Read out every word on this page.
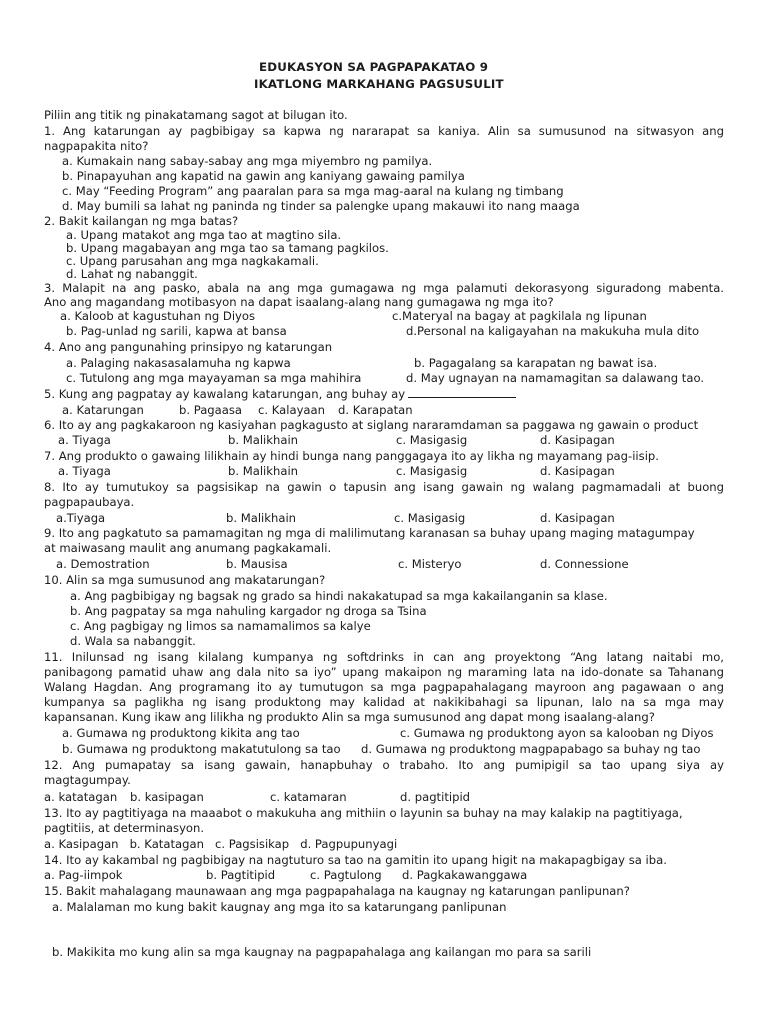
EDUKASYON SA PAGPAPAKATAO 9
IKATLONG MARKAHANG PAGSUSULIT
Piliin ang titik ng pinakatamang sagot at bilugan ito.
1. Ang katarungan ay pagbibigay sa kapwa ng nararapat sa kaniya. Alin sa sumusunod na sitwasyon ang
nagpapakita nito?
a. Kumakain nang sabay-sabay ang mga miyembro ng pamilya.
b. Pinapayuhan ang kapatid na gawin ang kaniyang gawaing pamilya
c. May “Feeding Program” ang paaralan para sa mga mag-aaral na kulang ng timbang
d. May bumili sa lahat ng paninda ng tinder sa palengke upang makauwi ito nang maaga
2. Bakit kailangan ng mga batas?
a. Upang matakot ang mga tao at magtino sila.
b. Upang magabayan ang mga tao sa tamang pagkilos.
c. Upang parusahan ang mga nagkakamali.
d. Lahat ng nabanggit.
3. Malapit na ang pasko, abala na ang mga gumagawa ng mga palamuti dekorasyong siguradong mabenta.
Ano ang magandang motibasyon na dapat isaalang-alang nang gumagawa ng mga ito?
a. Kaloob at kagustuhan ng Diyos	c.Materyal na bagay at pagkilala ng lipunan
b. Pag-unlad ng sarili, kapwa at bansa	d.Personal na kaligayahan na makukuha mula dito
4. Ano ang pangunahing prinsipyo ng katarungan
a. Palaging nakasasalamuha ng kapwa	b. Pagagalang sa karapatan ng bawat isa.
c. Tutulong ang mga mayayaman sa mga mahihira	d. May ugnayan na namamagitan sa dalawang tao.
5. Kung ang pagpatay ay kawalang katarungan, ang buhay ay
a. Katarungan	b. Pagaasa c. Kalayaan d. Karapatan
6. Ito ay ang pagkakaroon ng kasiyahan pagkagusto at siglang nararamdaman sa paggawa ng gawain o product
a. Tiyaga	b. Malikhain	c. Masigasig	d. Kasipagan
7. Ang produkto o gawaing lilikhain ay hindi bunga nang panggagaya ito ay likha ng mayamang pag-iisip.
a. Tiyaga	b. Malikhain	c. Masigasig	d. Kasipagan
8. Ito ay tumutukoy sa pagsisikap na gawin o tapusin ang isang gawain ng walang pagmamadali at buong
pagpapaubaya.
a.Tiyaga	b. Malikhain	c. Masigasig	d. Kasipagan
9. Ito ang pagkatuto sa pamamagitan ng mga di malilimutang karanasan sa buhay upang maging matagumpay
at maiwasang maulit ang anumang pagkakamali.
a. Demostration	b. Mausisa	c. Misteryo	d. Connessione
10. Alin sa mga sumusunod ang makatarungan?
a. Ang pagbibigay ng bagsak ng grado sa hindi nakakatupad sa mga kakailanganin sa klase.
b. Ang pagpatay sa mga nahuling kargador ng droga sa Tsina
c. Ang pagbigay ng limos sa namamalimos sa kalye
d. Wala sa nabanggit.
11. Inilunsad ng isang kilalang kumpanya ng softdrinks in can ang proyektong “Ang latang naitabi mo,
panibagong pamatid uhaw ang dala nito sa iyo” upang makaipon ng maraming lata na ido-donate sa Tahanang
Walang Hagdan. Ang programang ito ay tumutugon sa mga pagpapahalagang mayroon ang pagawaan o ang
kumpanya sa paglikha ng isang produktong may kalidad at nakikibahagi sa lipunan, lalo na sa mga may
kapansanan. Kung ikaw ang lilikha ng produkto Alin sa mga sumusunod ang dapat mong isaalang-alang?
a. Gumawa ng produktong kikita ang tao	c. Gumawa ng produktong ayon sa kalooban ng Diyos
b. Gumawa ng produktong makatutulong sa tao d. Gumawa ng produktong magpapabago sa buhay ng tao
12. Ang pumapatay sa isang gawain, hanapbuhay o trabaho. Ito ang pumipigil sa tao upang siya ay
magtagumpay.
a. katatagan b. kasipagan	c. katamaran	d. pagtitipid
13. Ito ay pagtitiyaga na maaabot o makukuha ang mithiin o layunin sa buhay na may kalakip na pagtitiyaga,
pagtitiis, at determinasyon.
a. Kasipagan   b. Katatagan   c. Pagsisikap   d. Pagpupunyagi
14. Ito ay kakambal ng pagbibigay na nagtuturo sa tao na gamitin ito upang higit na makapagbigay sa iba.
a. Pag-iimpok	b. Pagtitipid	c. Pagtulong d. Pagkakawanggawa
15. Bakit mahalagang maunawaan ang mga pagpapahalaga na kaugnay ng katarungan panlipunan?
a. Malalaman mo kung bakit kaugnay ang mga ito sa katarungang panlipunan
b. Makikita mo kung alin sa mga kaugnay na pagpapahalaga ang kailangan mo para sa sarili
